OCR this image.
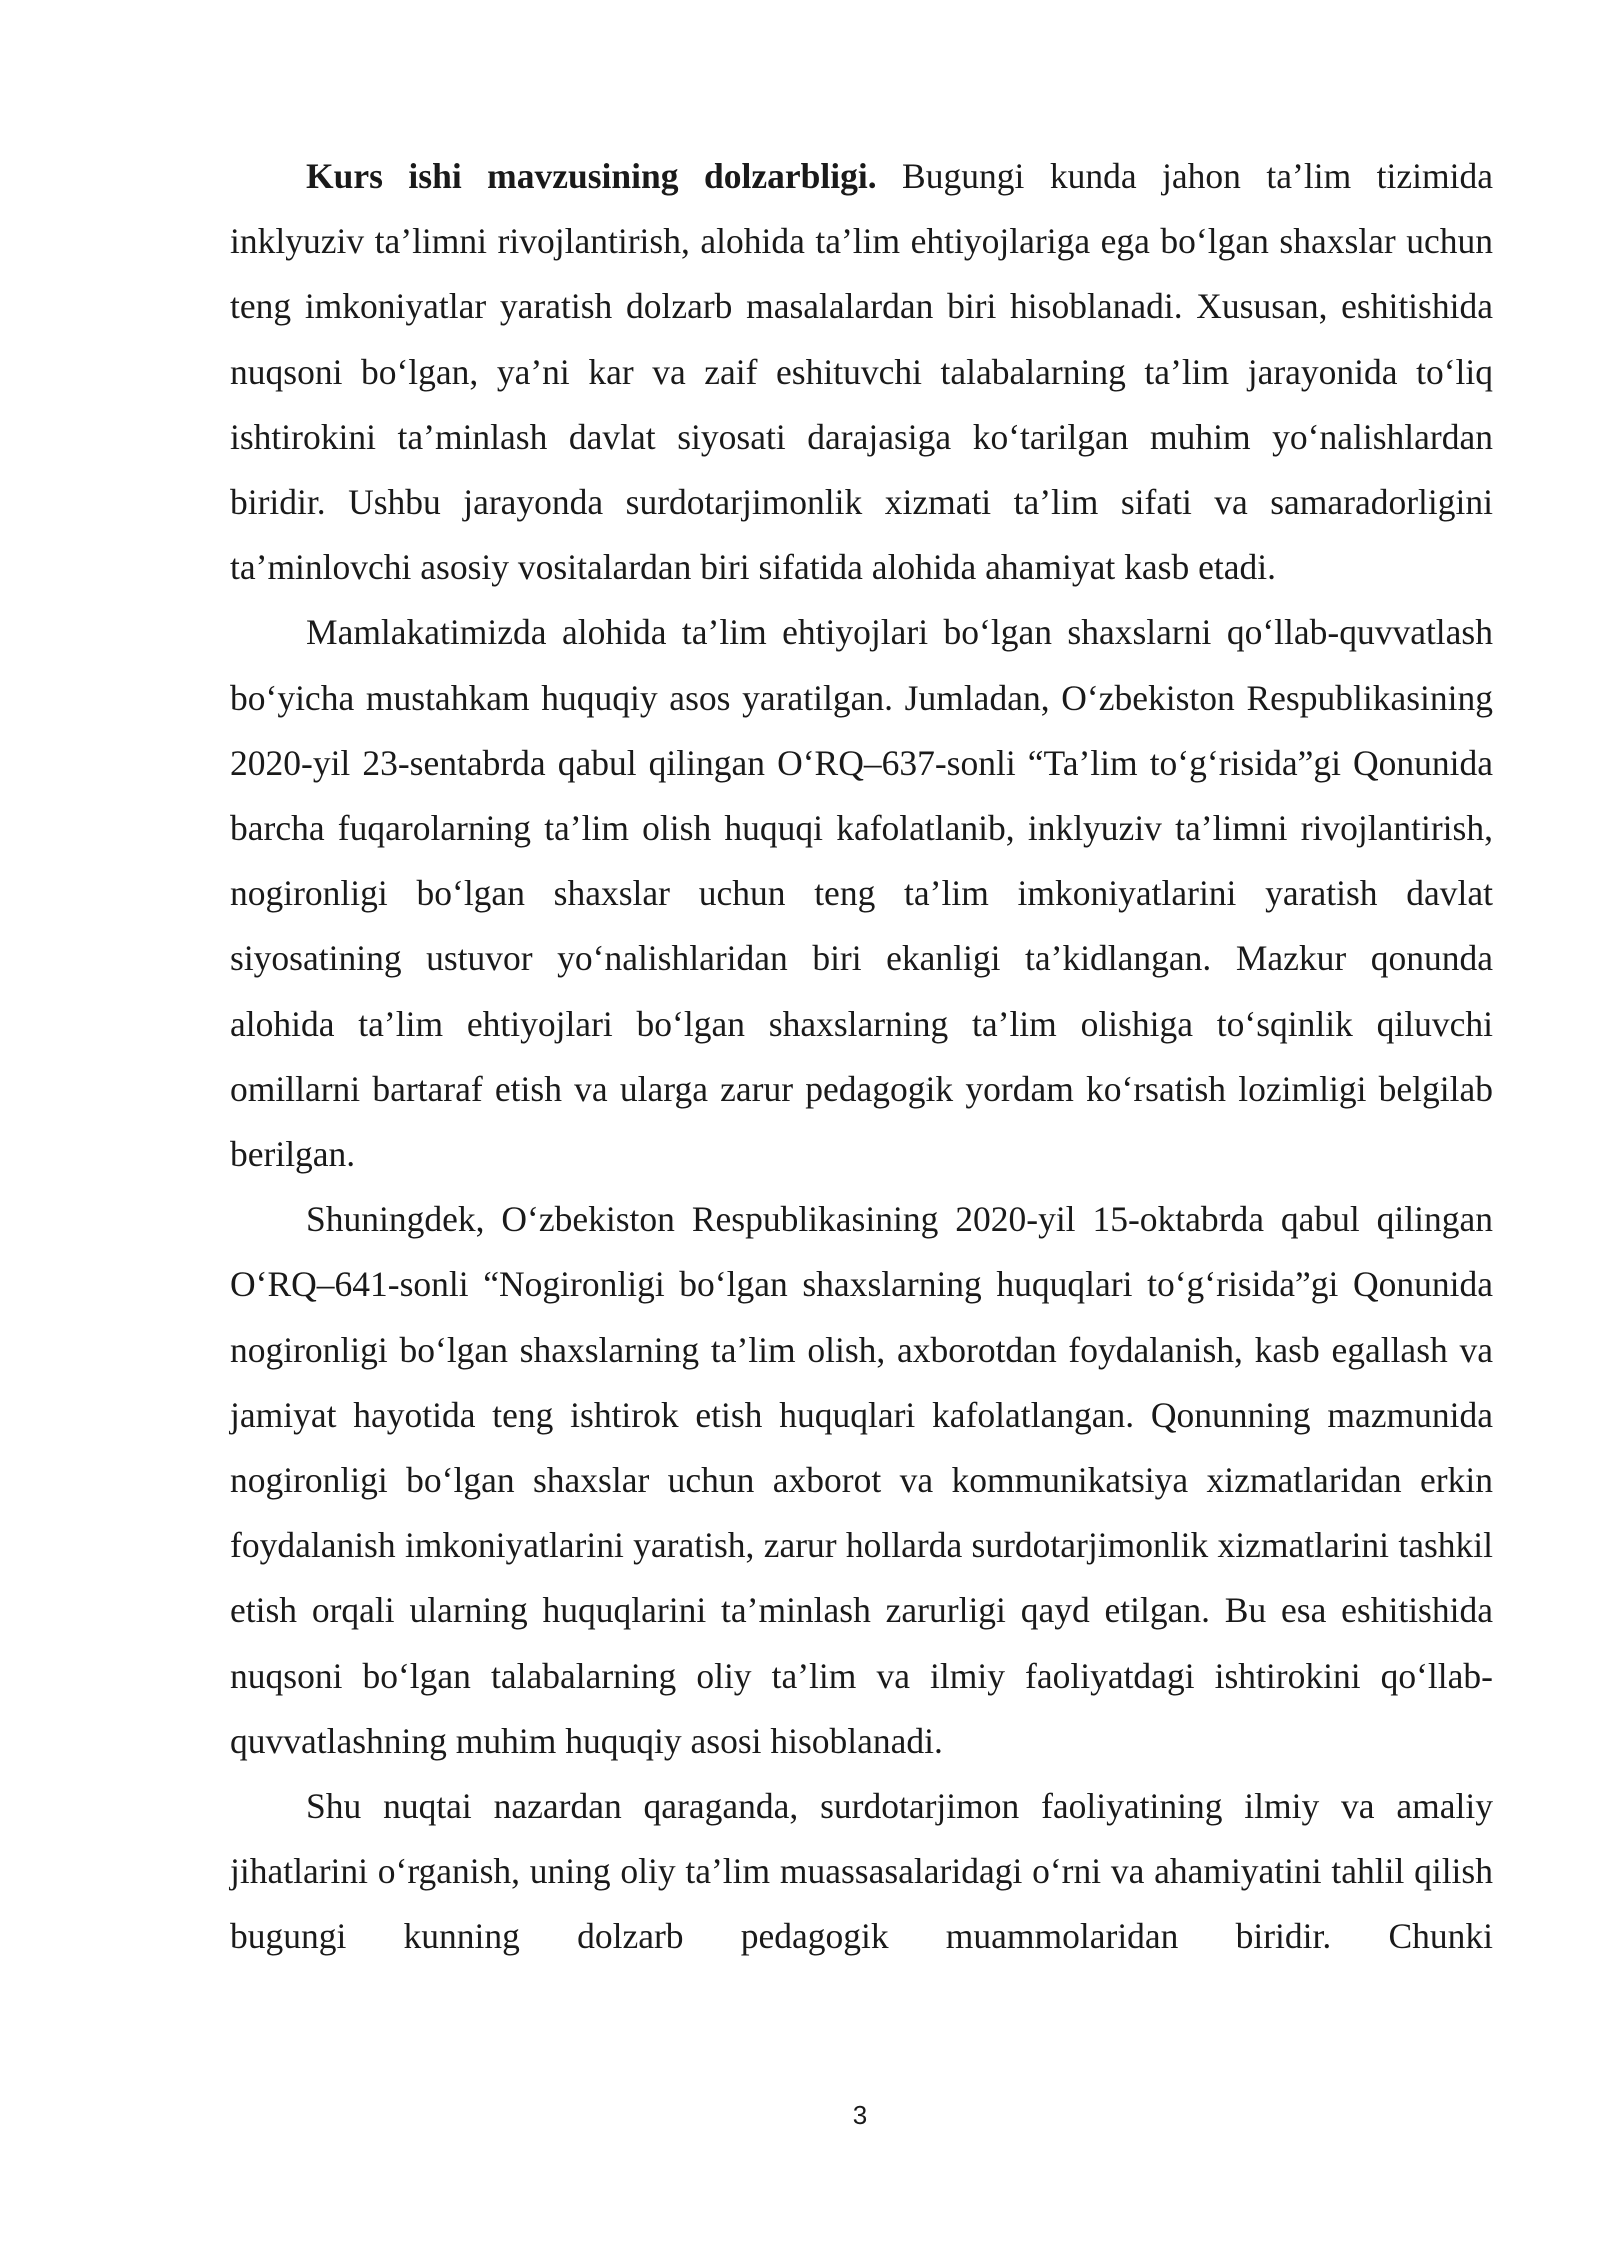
Kurs ishi mavzusining dolzarbligi. Bugungi kunda jahon ta’lim tizimida inklyuziv ta’limni rivojlantirish, alohida ta’lim ehtiyojlariga ega bo‘lgan shaxslar uchun teng imkoniyatlar yaratish dolzarb masalalardan biri hisoblanadi. Xususan, eshitishida nuqsoni bo‘lgan, ya’ni kar va zaif eshituvchi talabalarning ta’lim jarayonida to‘liq ishtirokini ta’minlash davlat siyosati darajasiga ko‘tarilgan muhim yo‘nalishlardan biridir. Ushbu jarayonda surdotarjimonlik xizmati ta’lim sifati va samaradorligini ta’minlovchi asosiy vositalardan biri sifatida alohida ahamiyat kasb etadi.

Mamlakatimizda alohida ta’lim ehtiyojlari bo‘lgan shaxslarni qo‘llab-quvvatlash bo‘yicha mustahkam huquqiy asos yaratilgan. Jumladan, O‘zbekiston Respublikasining 2020-yil 23-sentabrda qabul qilingan O‘RQ–637-sonli “Ta’lim to‘g‘risida”gi Qonunida barcha fuqarolarning ta’lim olish huquqi kafolatlanib, inklyuziv ta’limni rivojlantirish, nogironligi bo‘lgan shaxslar uchun teng ta’lim imkoniyatlarini yaratish davlat siyosatining ustuvor yo‘nalishlaridan biri ekanligi ta’kidlangan. Mazkur qonunda alohida ta’lim ehtiyojlari bo‘lgan shaxslarning ta’lim olishiga to‘sqinlik qiluvchi omillarni bartaraf etish va ularga zarur pedagogik yordam ko‘rsatish lozimligi belgilab berilgan.

Shuningdek, O‘zbekiston Respublikasining 2020-yil 15-oktabrda qabul qilingan O‘RQ–641-sonli “Nogironligi bo‘lgan shaxslarning huquqlari to‘g‘risida”gi Qonunida nogironligi bo‘lgan shaxslarning ta’lim olish, axborotdan foydalanish, kasb egallash va jamiyat hayotida teng ishtirok etish huquqlari kafolatlangan. Qonunning mazmunida nogironligi bo‘lgan shaxslar uchun axborot va kommunikatsiya xizmatlaridan erkin foydalanish imkoniyatlarini yaratish, zarur hollarda surdotarjimonlik xizmatlarini tashkil etish orqali ularning huquqlarini ta’minlash zarurligi qayd etilgan. Bu esa eshitishida nuqsoni bo‘lgan talabalarning oliy ta’lim va ilmiy faoliyatdagi ishtirokini qo‘llab-quvvatlashning muhim huquqiy asosi hisoblanadi.

Shu nuqtai nazardan qaraganda, surdotarjimon faoliyatining ilmiy va amaliy jihatlarini o‘rganish, uning oliy ta’lim muassasalaridagi o‘rni va ahamiyatini tahlil qilish bugungi kunning dolzarb pedagogik muammolaridan biridir. Chunki

3
